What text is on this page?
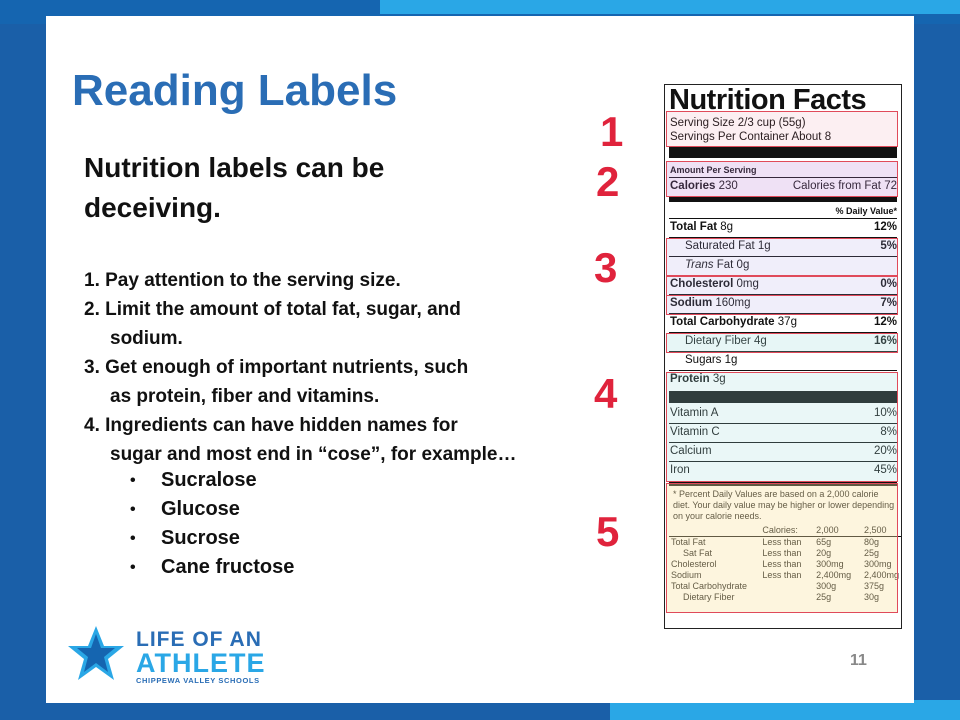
Reading Labels
Nutrition labels can be deceiving.
1. Pay attention to the serving size.
2. Limit the amount of total fat, sugar, and
sodium.
3. Get enough of important nutrients, such
as protein, fiber and vitamins.
4. Ingredients can have hidden names for
sugar and most end in “cose”, for example…
•	Sucralose
•	Glucose
•	Sucrose
•	Cane fructose
1
2
3
4
5
Nutrition Facts
Serving Size 2/3 cup (55g)
Servings Per Container About 8
Amount Per Serving
Calories 230	Calories from Fat 72
% Daily Value*
Total Fat 8g	12%
Saturated Fat 1g	5%
Trans Fat 0g
Cholesterol 0mg	0%
Sodium 160mg	7%
Total Carbohydrate 37g	12%
Dietary Fiber 4g	16%
Sugars 1g
Protein 3g
Vitamin A	10%
Vitamin C	8%
Calcium	20%
Iron	45%
* Percent Daily Values are based on a 2,000 calorie diet. Your daily value may be higher or lower depending on your calorie needs.
	Calories:	2,000	2,500
Total Fat	Less than	65g	80g
Sat Fat	Less than	20g	25g
Cholesterol	Less than	300mg	300mg
Sodium	Less than	2,400mg	2,400mg
Total Carbohydrate		300g	375g
Dietary Fiber		25g	30g
LIFE OF AN
ATHLETE
CHIPPEWA VALLEY SCHOOLS
11
